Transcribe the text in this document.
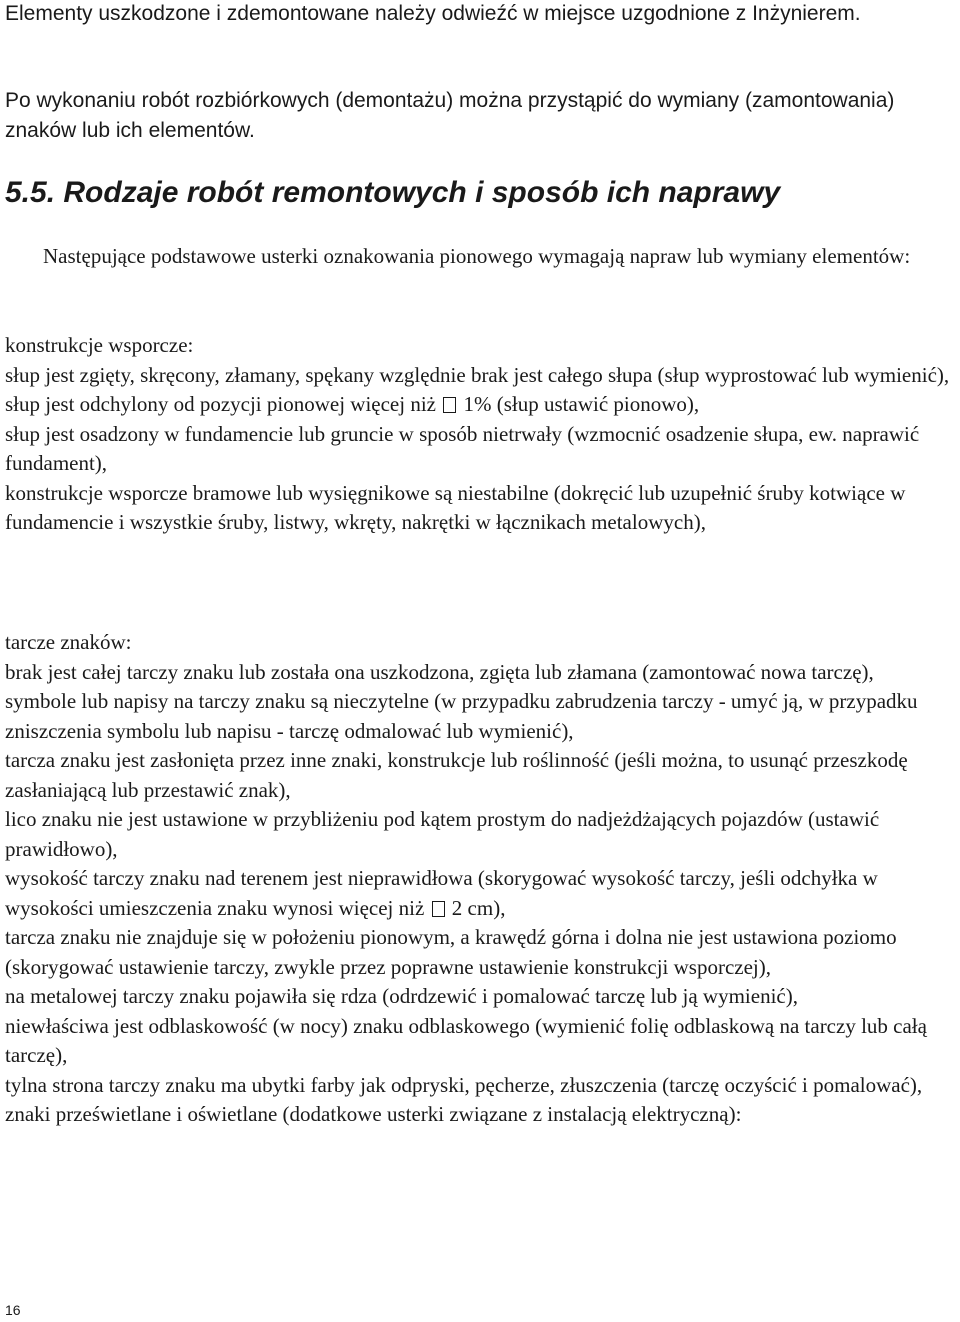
Elementy uszkodzone i zdemontowane należy odwieźć w miejsce uzgodnione z Inżynierem.

Po wykonaniu robót rozbiórkowych (demontażu) można przystąpić do wymiany (zamontowania) znaków lub ich elementów.

5.5. Rodzaje robót remontowych i sposób ich naprawy

Następujące podstawowe usterki oznakowania pionowego wymagają napraw lub wymiany elementów:

konstrukcje wsporcze:
słup jest zgięty, skręcony, złamany, spękany względnie brak jest całego słupa (słup wyprostować lub wymienić),
słup jest odchylony od pozycji pionowej więcej niż  1% (słup ustawić pionowo),
słup jest osadzony w fundamencie lub gruncie w sposób nietrwały (wzmocnić osadzenie słupa, ew. naprawić fundament),
konstrukcje wsporcze bramowe lub wysięgnikowe są niestabilne (dokręcić lub uzupełnić śruby kotwiące w fundamencie i wszystkie śruby, listwy, wkręty, nakrętki w łącznikach metalowych),
tarcze znaków:
brak jest całej tarczy znaku lub została ona uszkodzona, zgięta lub złamana (zamontować nowa tarczę),
symbole lub napisy na tarczy znaku są nieczytelne (w przypadku zabrudzenia tarczy - umyć ją, w przypadku zniszczenia symbolu lub napisu - tarczę odmalować lub wymienić),
tarcza znaku jest zasłonięta przez inne znaki, konstrukcje lub roślinność (jeśli można, to usunąć przeszkodę zasłaniającą lub przestawić znak),
lico znaku nie jest ustawione w przybliżeniu pod kątem prostym do nadjeżdżających pojazdów (ustawić prawidłowo),
wysokość tarczy znaku nad terenem jest nieprawidłowa (skorygować wysokość tarczy, jeśli odchyłka w wysokości umieszczenia znaku wynosi więcej niż  2 cm),
tarcza znaku nie znajduje się w położeniu pionowym, a krawędź górna i dolna nie jest ustawiona poziomo (skorygować ustawienie tarczy, zwykle przez poprawne ustawienie konstrukcji wsporczej),
na metalowej tarczy znaku pojawiła się rdza (odrdzewić i pomalować tarczę lub ją wymienić),
niewłaściwa jest odblaskowość (w nocy) znaku odblaskowego (wymienić folię odblaskową na tarczy lub całą tarczę),
tylna strona tarczy znaku ma ubytki farby jak odpryski, pęcherze, złuszczenia (tarczę oczyścić i pomalować),
znaki prześwietlane i oświetlane (dodatkowe usterki związane z instalacją elektryczną):
16
